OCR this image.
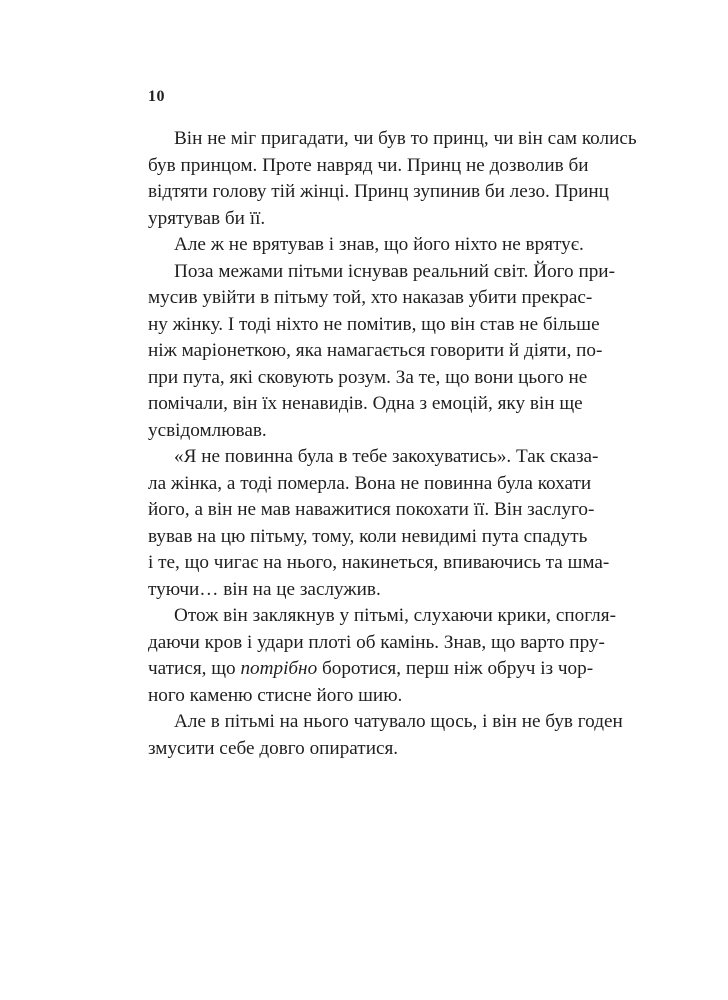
10
Він не міг пригадати, чи був то принц, чи він сам колись
був принцом. Проте навряд чи. Принц не дозволив би
відтяти голову тій жінці. Принц зупинив би лезо. Принц
урятував би її.
Але ж не врятував і знав, що його ніхто не врятує.
Поза межами пітьми існував реальний світ. Його при-
мусив увійти в пітьму той, хто наказав убити прекрас-
ну жінку. І тоді ніхто не помітив, що він став не більше
ніж маріонеткою, яка намагається говорити й діяти, по-
при пута, які сковують розум. За те, що вони цього не
помічали, він їх ненавидів. Одна з емоцій, яку він ще
усвідомлював.
«Я не повинна була в тебе закохуватись». Так сказа-
ла жінка, а тоді померла. Вона не повинна була кохати
його, а він не мав наважитися покохати її. Він заслуго-
вував на цю пітьму, тому, коли невидимі пута спадуть
і те, що чигає на нього, накинеться, впиваючись та шма-
туючи… він на це заслужив.
Отож він заклякнув у пітьмі, слухаючи крики, спогля-
даючи кров і удари плоті об камінь. Знав, що варто пру-
чатися, що потрібно боротися, перш ніж обруч із чор-
ного каменю стисне його шию.
Але в пітьмі на нього чатувало щось, і він не був годен
змусити себе довго опиратися.
